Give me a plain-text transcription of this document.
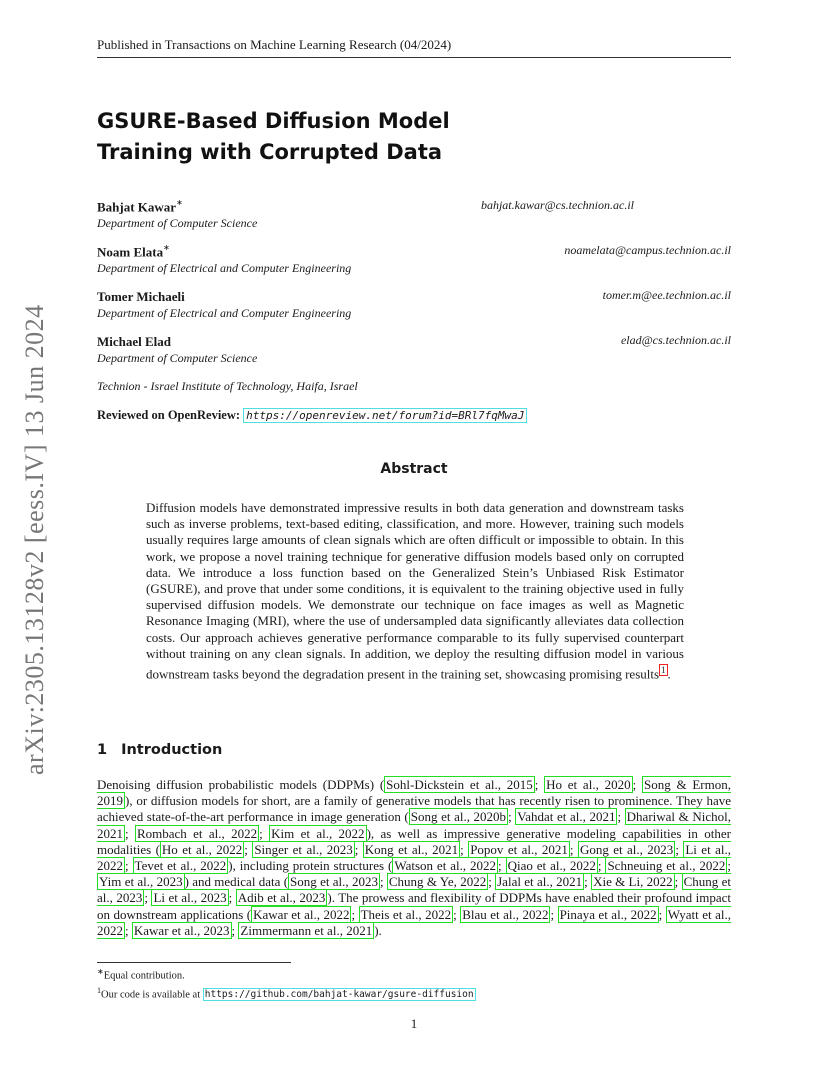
Published in Transactions on Machine Learning Research (04/2024)
arXiv:2305.13128v2 [eess.IV] 13 Jun 2024
GSURE-Based Diffusion Model
Training with Corrupted Data
Bahjat Kawar∗
Department of Computer Science
bahjat.kawar@cs.technion.ac.il
Noam Elata∗
Department of Electrical and Computer Engineering
noamelata@campus.technion.ac.il
Tomer Michaeli
Department of Electrical and Computer Engineering
tomer.m@ee.technion.ac.il
Michael Elad
Department of Computer Science
elad@cs.technion.ac.il
Technion - Israel Institute of Technology, Haifa, Israel
Reviewed on OpenReview: https://openreview.net/forum?id=BRl7fqMwaJ
Abstract
Diffusion models have demonstrated impressive results in both data generation and downstream tasks such as inverse problems, text-based editing, classification, and more. However, training such models usually requires large amounts of clean signals which are often difficult or impossible to obtain. In this work, we propose a novel training technique for generative diffusion models based only on corrupted data. We introduce a loss function based on the Generalized Stein’s Unbiased Risk Estimator (GSURE), and prove that under some conditions, it is equivalent to the training objective used in fully supervised diffusion models. We demonstrate our technique on face images as well as Magnetic Resonance Imaging (MRI), where the use of undersampled data significantly alleviates data collection costs. Our approach achieves generative performance comparable to its fully supervised counterpart without training on any clean signals. In addition, we deploy the resulting diffusion model in various downstream tasks beyond the degradation present in the training set, showcasing promising results $^1$ .
1 Introduction
Denoising diffusion probabilistic models (DDPMs) ( Sohl-Dickstein et al., 2015 ; Ho et al., 2020 ; Song & Ermon, 2019 ), or diffusion models for short, are a family of generative models that has recently risen to prominence. They have achieved state-of-the-art performance in image generation ( Song et al., 2020b ; Vahdat et al., 2021 ; Dhariwal & Nichol, 2021 ; Rombach et al., 2022 ; Kim et al., 2022 ), as well as impressive generative modeling capabilities in other modalities ( Ho et al., 2022 ; Singer et al., 2023 ; Kong et al., 2021 ; Popov et al., 2021 ; Gong et al., 2023 ; Li et al., 2022 ; Tevet et al., 2022 ), including protein structures ( Watson et al., 2022 ; Qiao et al., 2022 ; Schneuing et al., 2022 ; Yim et al., 2023 ) and medical data ( Song et al., 2023 ; Chung & Ye, 2022 ; Jalal et al., 2021 ; Xie & Li, 2022 ; Chung et al., 2023 ; Li et al., 2023 ; Adib et al., 2023 ). The prowess and flexibility of DDPMs have enabled their profound impact on downstream applications ( Kawar et al., 2022 ; Theis et al., 2022 ; Blau et al., 2022 ; Pinaya et al., 2022 ; Wyatt et al., 2022 ; Kawar et al., 2023 ; Zimmermann et al., 2021 ).
∗Equal contribution.
$^1$Our code is available at https://github.com/bahjat-kawar/gsure-diffusion
1
